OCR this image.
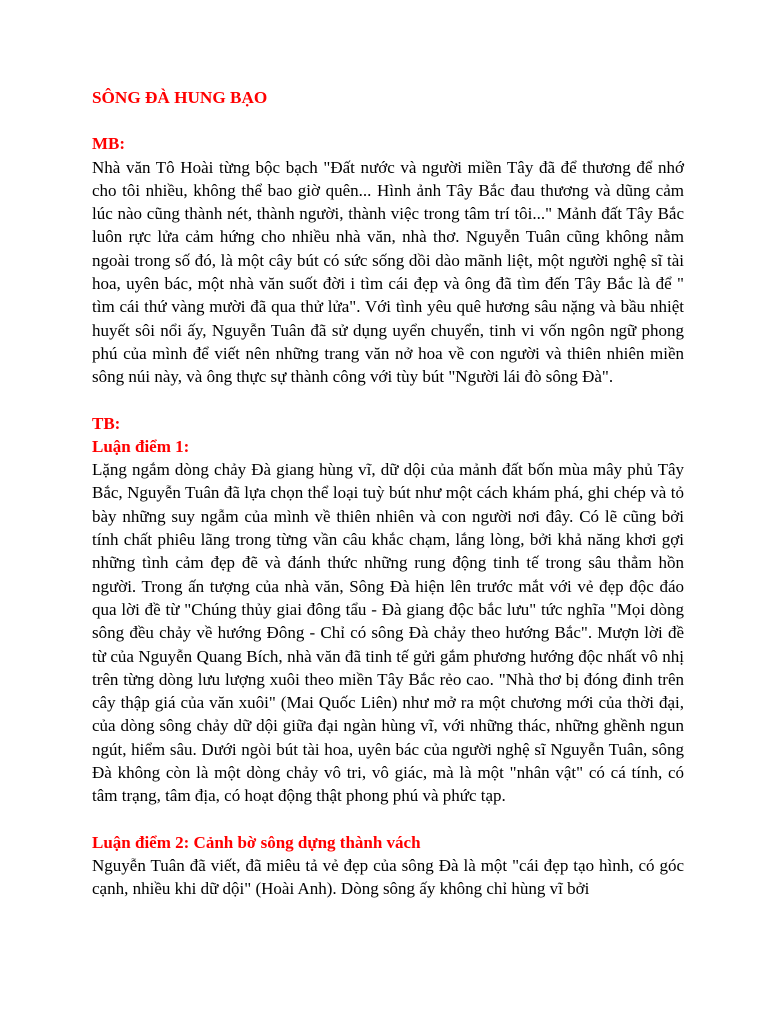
SÔNG ĐÀ HUNG BẠO

MB:

Nhà văn Tô Hoài từng bộc bạch "Đất nước và người miền Tây đã để thương để nhớ cho tôi nhiều, không thể bao giờ quên... Hình ảnh Tây Bắc đau thương và dũng cảm lúc nào cũng thành nét, thành người, thành việc trong tâm trí tôi..." Mảnh đất Tây Bắc luôn rực lửa cảm hứng cho nhiều nhà văn, nhà thơ. Nguyễn Tuân cũng không nằm ngoài trong số đó, là một cây bút có sức sống dồi dào mãnh liệt, một người nghệ sĩ tài hoa, uyên bác, một nhà văn suốt đời i tìm cái đẹp và ông đã tìm đến Tây Bắc là để " tìm cái thứ vàng mười đã qua thử lửa". Với tình yêu quê hương sâu nặng và bầu nhiệt huyết sôi nổi ấy, Nguyễn Tuân đã sử dụng uyển chuyển, tinh vi vốn ngôn ngữ phong phú của mình để viết nên những trang văn nở hoa về con người và thiên nhiên miền sông núi này, và ông thực sự thành công với tùy bút "Người lái đò sông Đà".

TB:

Luận điểm 1:

Lặng ngắm dòng chảy Đà giang hùng vĩ, dữ dội của mảnh đất bốn mùa mây phủ Tây Bắc, Nguyễn Tuân đã lựa chọn thể loại tuỳ bút như một cách khám phá, ghi chép và tỏ bày những suy ngẫm của mình về thiên nhiên và con người nơi đây. Có lẽ cũng bởi tính chất phiêu lãng trong từng vần câu khắc chạm, lắng lòng, bởi khả năng khơi gợi những tình cảm đẹp đẽ và đánh thức những rung động tinh tế trong sâu thẳm hồn người. Trong ấn tượng của nhà văn, Sông Đà hiện lên trước mắt với vẻ đẹp độc đáo qua lời đề từ "Chúng thủy giai đông tẩu - Đà giang độc bắc lưu" tức nghĩa "Mọi dòng sông đều chảy về hướng Đông - Chỉ có sông Đà chảy theo hướng Bắc". Mượn lời đề từ của Nguyễn Quang Bích, nhà văn đã tinh tế gửi gắm phương hướng độc nhất vô nhị trên từng dòng lưu lượng xuôi theo miền Tây Bắc rẻo cao. "Nhà thơ bị đóng đinh trên cây thập giá của văn xuôi" (Mai Quốc Liên) như mở ra một chương mới của thời đại, của dòng sông chảy dữ dội giữa đại ngàn hùng vĩ, với những thác, những ghềnh ngun ngút, hiểm sâu. Dưới ngòi bút tài hoa, uyên bác của người nghệ sĩ Nguyễn Tuân, sông Đà không còn là một dòng chảy vô tri, vô giác, mà là một "nhân vật" có cá tính, có tâm trạng, tâm địa, có hoạt động thật phong phú và phức tạp.

Luận điểm 2: Cảnh bờ sông dựng thành vách

Nguyễn Tuân đã viết, đã miêu tả vẻ đẹp của sông Đà là một "cái đẹp tạo hình, có góc cạnh, nhiều khi dữ dội" (Hoài Anh). Dòng sông ấy không chỉ hùng vĩ bởi
